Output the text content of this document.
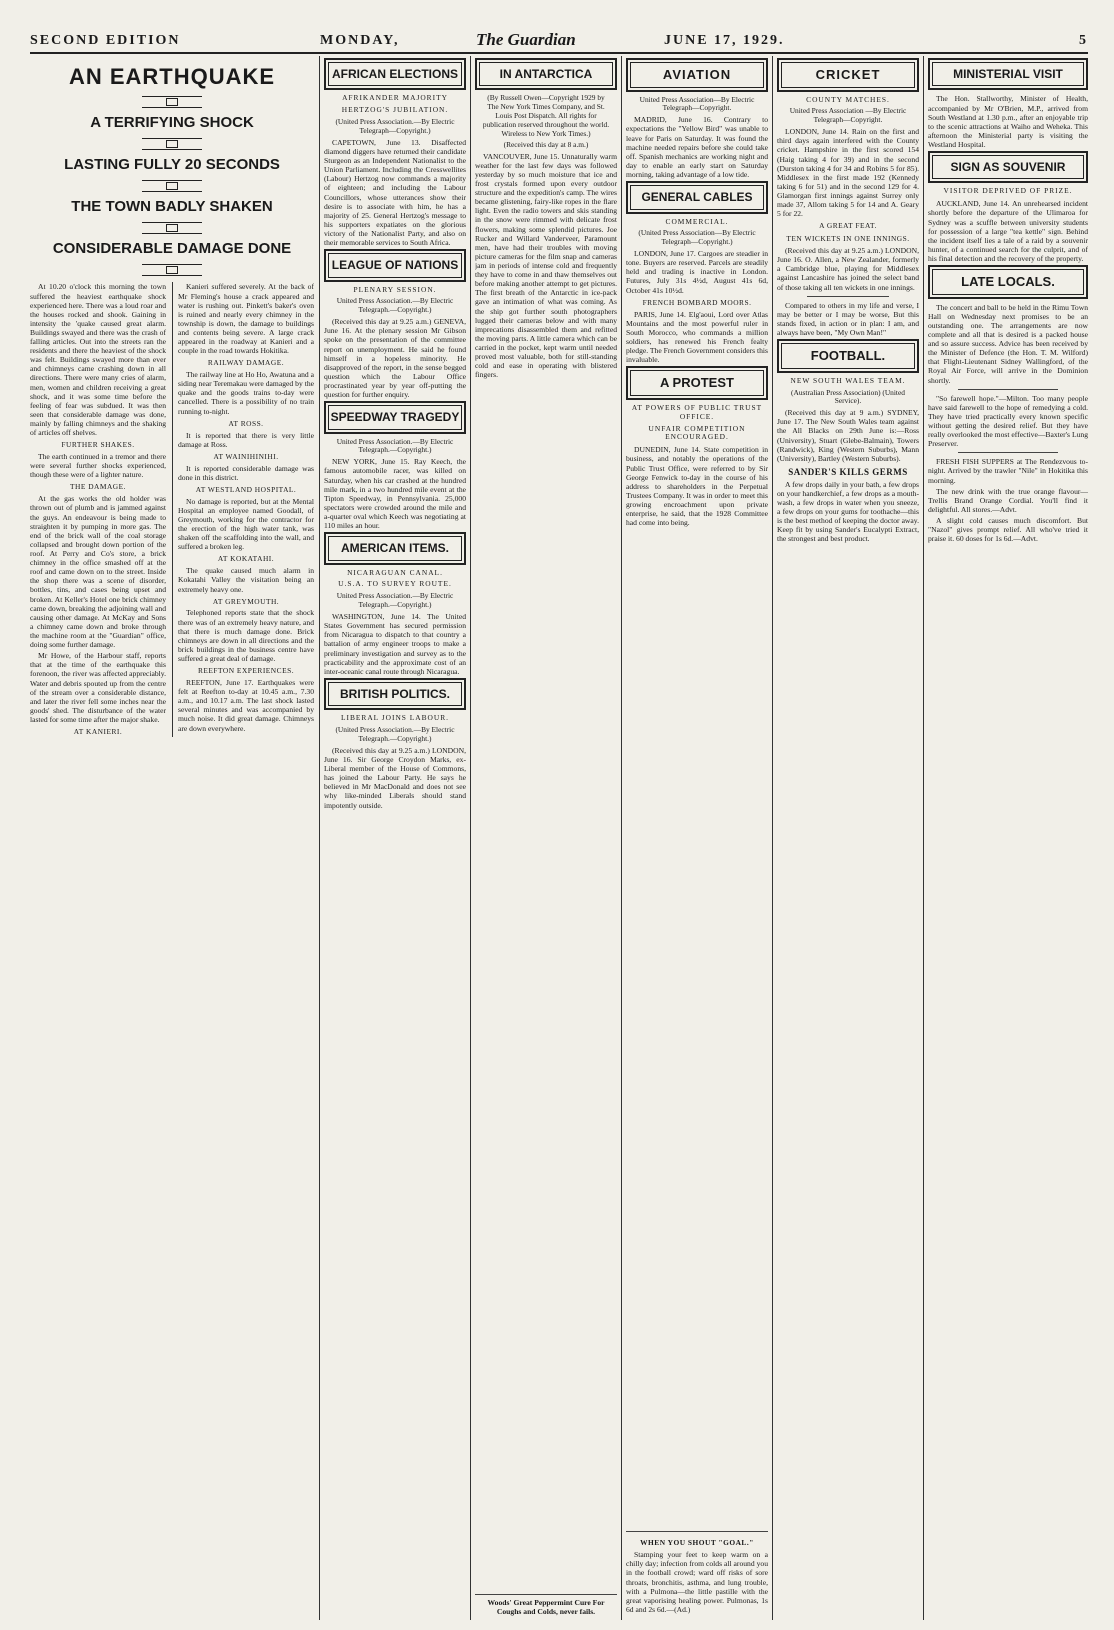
SECOND EDITION	MONDAY,	The Guardian	JUNE 17, 1929.	5
AN EARTHQUAKE
A TERRIFYING SHOCK
LASTING FULLY 20 SECONDS
THE TOWN BADLY SHAKEN
CONSIDERABLE DAMAGE DONE

At 10.20 o'clock this morning the town suffered the heaviest earthquake shock experienced here. There was a loud roar and the houses rocked and shook. Gaining in intensity the 'quake caused great alarm. Buildings swayed and there was the crash of falling articles. Out into the streets ran the residents and there the heaviest of the shock was felt. Buildings swayed more than ever and chimneys came crashing down in all directions. There were many cries of alarm, men, women and children receiving a great shock, and it was some time before the feeling of fear was subdued. It was then seen that considerable damage was done, mainly by falling chimneys and the shaking of articles off shelves.

FURTHER SHAKES.

The earth continued in a tremor and there were several further shocks experienced, though these were of a lighter nature.

THE DAMAGE.

At the gas works the old holder was thrown out of plumb and is jammed against the guys. An endeavour is being made to straighten it by pumping in more gas. The end of the brick wall of the coal storage collapsed and brought down portion of the roof. At Perry and Co's store, a brick chimney in the office smashed off at the roof and came down on to the street. Inside the shop there was a scene of disorder, bottles, tins, and cases being upset and broken. At Keller's Hotel one brick chimney came down, breaking the adjoining wall and causing other damage. At McKay and Sons a chimney came down and broke through the machine room at the "Guardian" office, doing some further damage.

Mr Howe, of the Harbour staff, reports that at the time of the earthquake this forenoon, the river was affected appreciably. Water and debris spouted up from the centre of the stream over a considerable distance, and later the river fell some inches near the goods' shed. The disturbance of the water lasted for some time after the major shake.

AT KANIERI.

Kanieri suffered severely. At the back of Mr Fleming's house a crack appeared and water is rushing out. Pinkett's baker's oven is ruined and nearly every chimney in the township is down, the damage to buildings and contents being severe. A large crack appeared in the roadway at Kanieri and a couple in the road towards Hokitika.

RAILWAY DAMAGE.

The railway line at Ho Ho, Awatuna and a siding near Teremakau were damaged by the quake and the goods trains to-day were cancelled. There is a possibility of no train running to-night.

AT ROSS.

It is reported that there is very little damage at Ross.

AT WAINIHINIHI.

It is reported considerable damage was done in this district.

AT WESTLAND HOSPITAL.

No damage is reported, but at the Mental Hospital an employee named Goodall, of Greymouth, working for the contractor for the erection of the high water tank, was shaken off the scaffolding into the wall, and suffered a broken leg.

AT KOKATAHI.

The quake caused much alarm in Kokatahi Valley the visitation being an extremely heavy one.

AT GREYMOUTH.

Telephoned reports state that the shock there was of an extremely heavy nature, and that there is much damage done. Brick chimneys are down in all directions and the brick buildings in the business centre have suffered a great deal of damage.

REEFTON EXPERIENCES.

REEFTON, June 17. Earthquakes were felt at Reefton to-day at 10.45 a.m., 7.30 a.m., and 10.17 a.m. The last shock lasted several minutes and was accompanied by much noise. It did great damage. Chimneys are down everywhere.

AFRICAN ELECTIONS
AFRIKANDER MAJORITY
HERTZOG'S JUBILATION.
(United Press Association.—By Electric Telegraph—Copyright.)

CAPETOWN, June 13. Disaffected diamond diggers have returned their candidate Sturgeon as an Independent Nationalist to the Union Parliament. Including the Cresswellites (Labour) Hertzog now commands a majority of eighteen; and including the Labour Councillors, whose utterances show their desire is to associate with him, he has a majority of 25. General Hertzog's message to his supporters expatiates on the glorious victory of the Nationalist Party, and also on their memorable services to South Africa.

LEAGUE OF NATIONS
PLENARY SESSION.
United Press Association.—By Electric Telegraph.—Copyright.)

(Received this day at 9.25 a.m.) GENEVA, June 16. At the plenary session Mr Gibson spoke on the presentation of the committee report on unemployment. He said he found himself in a hopeless minority. He disapproved of the report, in the sense begged question which the Labour Office procrastinated year by year off-putting the question for further enquiry.

SPEEDWAY TRAGEDY
United Press Association.—By Electric Telegraph.—Copyright.)

NEW YORK, June 15. Ray Keech, the famous automobile racer, was killed on Saturday, when his car crashed at the hundred mile mark, in a two hundred mile event at the Tipton Speedway, in Pennsylvania. 25,000 spectators were crowded around the mile and a-quarter oval which Keech was negotiating at 110 miles an hour.

AMERICAN ITEMS.
NICARAGUAN CANAL.
U.S.A. TO SURVEY ROUTE.
United Press Association.—By Electric Telegraph.—Copyright.)

WASHINGTON, June 14. The United States Government has secured permission from Nicaragua to dispatch to that country a battalion of army engineer troops to make a preliminary investigation and survey as to the practicability and the approximate cost of an inter-oceanic canal route through Nicaragua.

BRITISH POLITICS.
LIBERAL JOINS LABOUR.
(United Press Association.—By Electric Telegraph.—Copyright.)

(Received this day at 9.25 a.m.) LONDON, June 16. Sir George Croydon Marks, ex-Liberal member of the House of Commons, has joined the Labour Party. He says he believed in Mr MacDonald and does not see why like-minded Liberals should stand impotently outside.

IN ANTARCTICA
(By Russell Owen—Copyright 1929 by The New York Times Company, and St. Louis Post Dispatch. All rights for publication reserved throughout the world. Wireless to New York Times.)
(Received this day at 8 a.m.)

VANCOUVER, June 15. Unnaturally warm weather for the last few days was followed yesterday by so much moisture that ice and frost crystals formed upon every outdoor structure and the expedition's camp. The wires became glistening, fairy-like ropes in the flare light. Even the radio towers and skis standing in the snow were rimmed with delicate frost flowers, making some splendid pictures. Joe Rucker and Willard Vanderveer, Paramount men, have had their troubles with moving picture cameras for the film snap and cameras jam in periods of intense cold and frequently they have to come in and thaw themselves out before making another attempt to get pictures. The first breath of the Antarctic in ice-pack gave an intimation of what was coming. As the ship got further south photographers lugged their cameras below and with many imprecations disassembled them and refitted the moving parts. A little camera which can be carried in the pocket, kept warm until needed proved most valuable, both for still-standing cold and ease in operating with blistered fingers.

Woods' Great Peppermint Cure For Coughs and Colds, never fails.
AVIATION
United Press Association—By Electric Telegraph—Copyright.

MADRID, June 16. Contrary to expectations the "Yellow Bird" was unable to leave for Paris on Saturday. It was found the machine needed repairs before she could take off. Spanish mechanics are working night and day to enable an early start on Saturday morning, taking advantage of a low tide.

GENERAL CABLES
COMMERCIAL.
(United Press Association—By Electric Telegraph—Copyright.)

LONDON, June 17. Cargoes are steadier in tone. Buyers are reserved. Parcels are steadily held and trading is inactive in London. Futures, July 31s 4½d, August 41s 6d, October 41s 10½d.

FRENCH BOMBARD MOORS.

PARIS, June 14. Elg'aoui, Lord over Atlas Mountains and the most powerful ruler in South Morocco, who commands a million soldiers, has renewed his French fealty pledge. The French Government considers this invaluable.

A PROTEST
AT POWERS OF PUBLIC TRUST OFFICE.
UNFAIR COMPETITION ENCOURAGED.

DUNEDIN, June 14. State competition in business, and notably the operations of the Public Trust Office, were referred to by Sir George Fenwick to-day in the course of his address to shareholders in the Perpetual Trustees Company. It was in order to meet this growing encroachment upon private enterprise, he said, that the 1928 Committee had come into being.

WHEN YOU SHOUT "GOAL."

Stamping your feet to keep warm on a chilly day; infection from colds all around you in the football crowd; ward off risks of sore throats, bronchitis, asthma, and lung trouble, with a Pulmona—the little pastille with the great vaporising healing power. Pulmonas, 1s 6d and 2s 6d.—(Ad.)

CRICKET
COUNTY MATCHES.
United Press Association —By Electric Telegraph—Copyright.

LONDON, June 14. Rain on the first and third days again interfered with the County cricket. Hampshire in the first scored 154 (Haig taking 4 for 39) and in the second (Durston taking 4 for 34 and Robins 5 for 85). Middlesex in the first made 192 (Kennedy taking 6 for 51) and in the second 129 for 4. Glamorgan first innings against Surrey only made 37, Allom taking 5 for 14 and A. Geary 5 for 22.

A GREAT FEAT.
TEN WICKETS IN ONE INNINGS.

(Received this day at 9.25 a.m.) LONDON, June 16. O. Allen, a New Zealander, formerly a Cambridge blue, playing for Middlesex against Lancashire has joined the select band of those taking all ten wickets in one innings.

Compared to others in my life and verse, I may be better or I may be worse, But this stands fixed, in action or in plan: I am, and always have been, "My Own Man!"

FOOTBALL.
NEW SOUTH WALES TEAM.
(Australian Press Association) (United Service).

(Received this day at 9 a.m.) SYDNEY, June 17. The New South Wales team against the All Blacks on 29th June is:—Ross (University), Stuart (Glebe-Balmain), Towers (Randwick), King (Western Suburbs), Mann (University), Bartley (Western Suburbs).

SANDER'S KILLS GERMS

A few drops daily in your bath, a few drops on your handkerchief, a few drops as a mouth-wash, a few drops in water when you sneeze, a few drops on your gums for toothache—this is the best method of keeping the doctor away. Keep fit by using Sander's Eucalypti Extract, the strongest and best product.

MINISTERIAL VISIT

The Hon. Stallworthy, Minister of Health, accompanied by Mr O'Brien, M.P., arrived from South Westland at 1.30 p.m., after an enjoyable trip to the scenic attractions at Waiho and Weheka. This afternoon the Ministerial party is visiting the Westland Hospital.

SIGN AS SOUVENIR
VISITOR DEPRIVED OF PRIZE.

AUCKLAND, June 14. An unrehearsed incident shortly before the departure of the Ulimaroa for Sydney was a scuffle between university students for possession of a large "tea kettle" sign. Behind the incident itself lies a tale of a raid by a souvenir hunter, of a continued search for the culprit, and of his final detection and the recovery of the property.

LATE LOCALS.

The concert and ball to be held in the Rimu Town Hall on Wednesday next promises to be an outstanding one. The arrangements are now complete and all that is desired is a packed house and so assure success. Advice has been received by the Minister of Defence (the Hon. T. M. Wilford) that Flight-Lieutenant Sidney Wallingford, of the Royal Air Force, will arrive in the Dominion shortly.

"So farewell hope."—Milton. Too many people have said farewell to the hope of remedying a cold. They have tried practically every known specific without getting the desired relief. But they have really overlooked the most effective—Baxter's Lung Preserver.

FRESH FISH SUPPERS at The Rendezvous to-night. Arrived by the trawler "Nile" in Hokitika this morning.

The new drink with the true orange flavour—Trellis Brand Orange Cordial. You'll find it delightful. All stores.—Advt.

A slight cold causes much discomfort. But "Nazol" gives prompt relief. All who've tried it praise it. 60 doses for 1s 6d.—Advt.
